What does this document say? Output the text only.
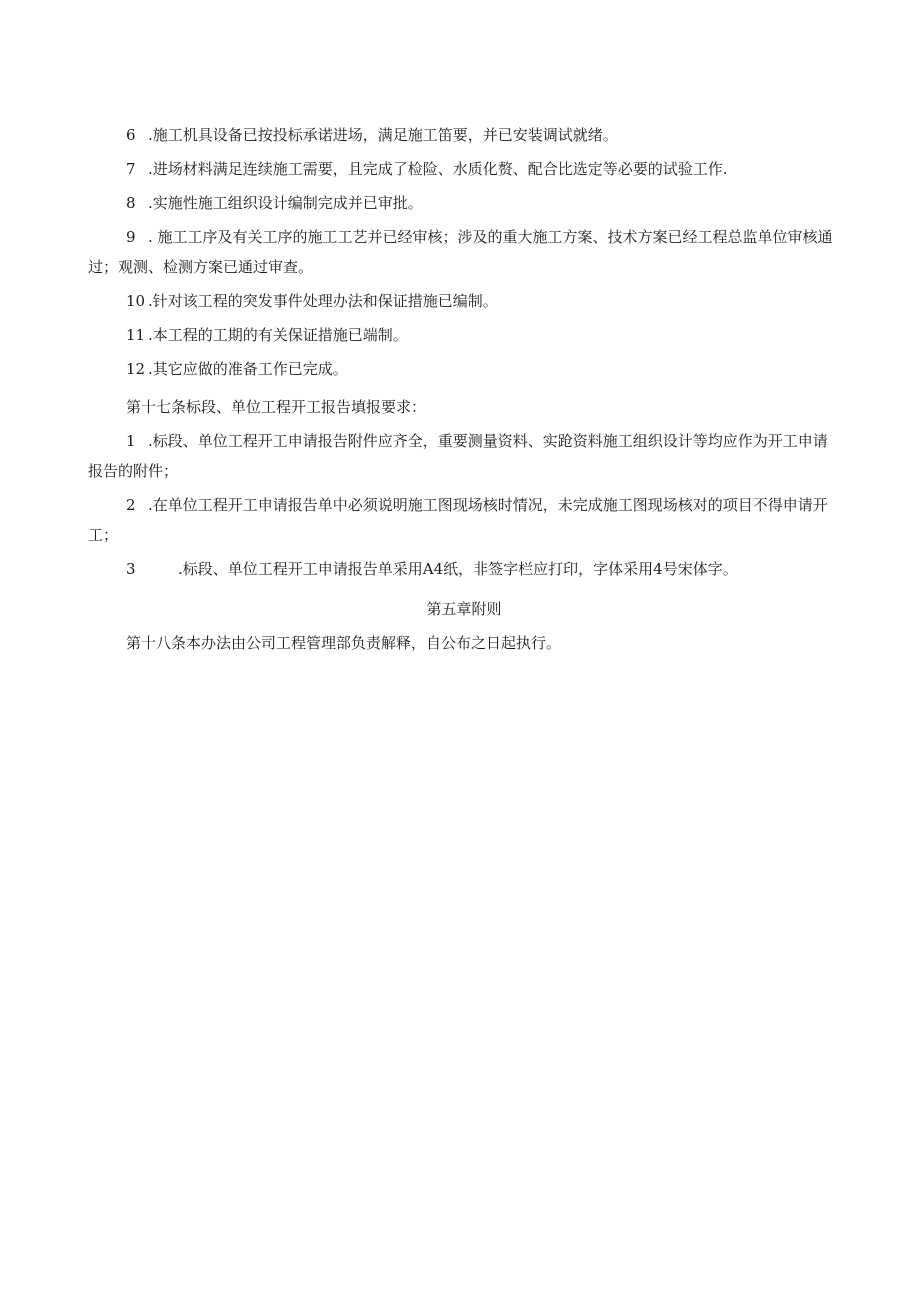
6 .施工机具设备已按投标承诺进场，满足施工笛要，并已安装调试就绪。

7 .进场材料满足连续施工需要，且完成了检险、水质化赘、配合比选定等必要的试验工作.

8 .实施性施工组织设计编制完成并已审批。

9 . 施工工序及有关工序的施工工艺并已经审核；涉及的重大施工方案、技术方案已经工程总监单位审核通过；观测、检测方案已通过审查。

10 .针对该工程的突发事件处理办法和保证措施已编制。

11 .本工程的工期的有关保证措施已端制。

12 .其它应做的准备工作已完成。

第十七条标段、单位工程开工报告填报要求：

1 .标段、单位工程开工申请报告附件应齐全，重要测量资料、实跄资料施工组织设计等均应作为开工申请报告的附件；

2 .在单位工程开工申请报告单中必须说明施工图现场核时情况，未完成施工图现场核对的项目不得申请开工；

3	.标段、单位工程开工申请报告单采用A4纸，非签字栏应打印，字体采用4号宋体字。

第五章附则

第十八条本办法由公司工程管理部负责解释，自公布之日起执行。
